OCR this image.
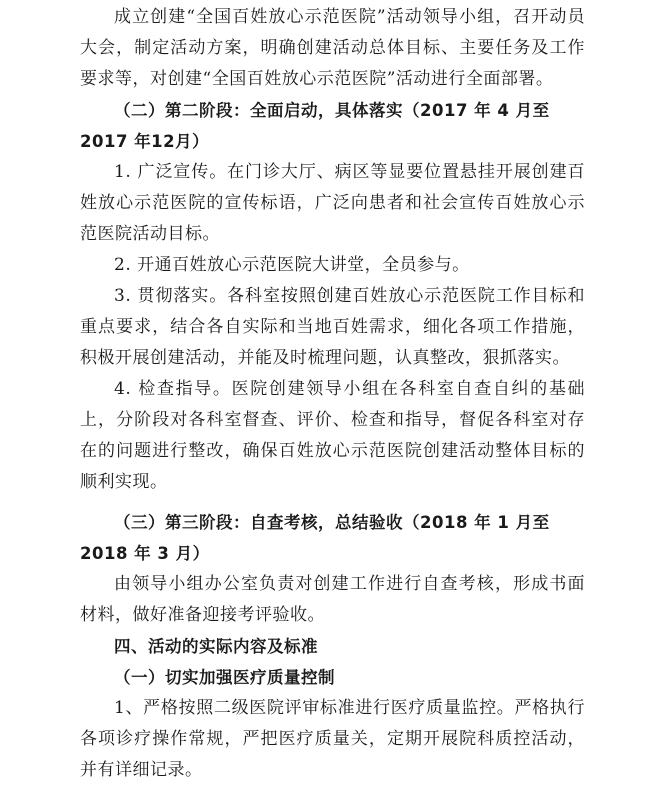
成立创建“全国百姓放心示范医院”活动领导小组，召开动员大会，制定活动方案，明确创建活动总体目标、主要任务及工作要求等，对创建“全国百姓放心示范医院”活动进行全面部署。

（二）第二阶段：全面启动，具体落实（2017 年 4 月至 2017 年12月）

1. 广泛宣传。在门诊大厅、病区等显要位置悬挂开展创建百姓放心示范医院的宣传标语，广泛向患者和社会宣传百姓放心示范医院活动目标。

2. 开通百姓放心示范医院大讲堂，全员参与。

3. 贯彻落实。各科室按照创建百姓放心示范医院工作目标和重点要求，结合各自实际和当地百姓需求，细化各项工作措施，积极开展创建活动，并能及时梳理问题，认真整改，狠抓落实。

4. 检查指导。医院创建领导小组在各科室自查自纠的基础上，分阶段对各科室督查、评价、检查和指导，督促各科室对存在的问题进行整改，确保百姓放心示范医院创建活动整体目标的顺利实现。

（三）第三阶段：自查考核，总结验收（2018 年 1 月至 2018 年 3 月）

由领导小组办公室负责对创建工作进行自查考核，形成书面材料，做好准备迎接考评验收。

四、活动的实际内容及标准

（一）切实加强医疗质量控制

1、严格按照二级医院评审标准进行医疗质量监控。严格执行各项诊疗操作常规，严把医疗质量关，定期开展院科质控活动，并有详细记录。
